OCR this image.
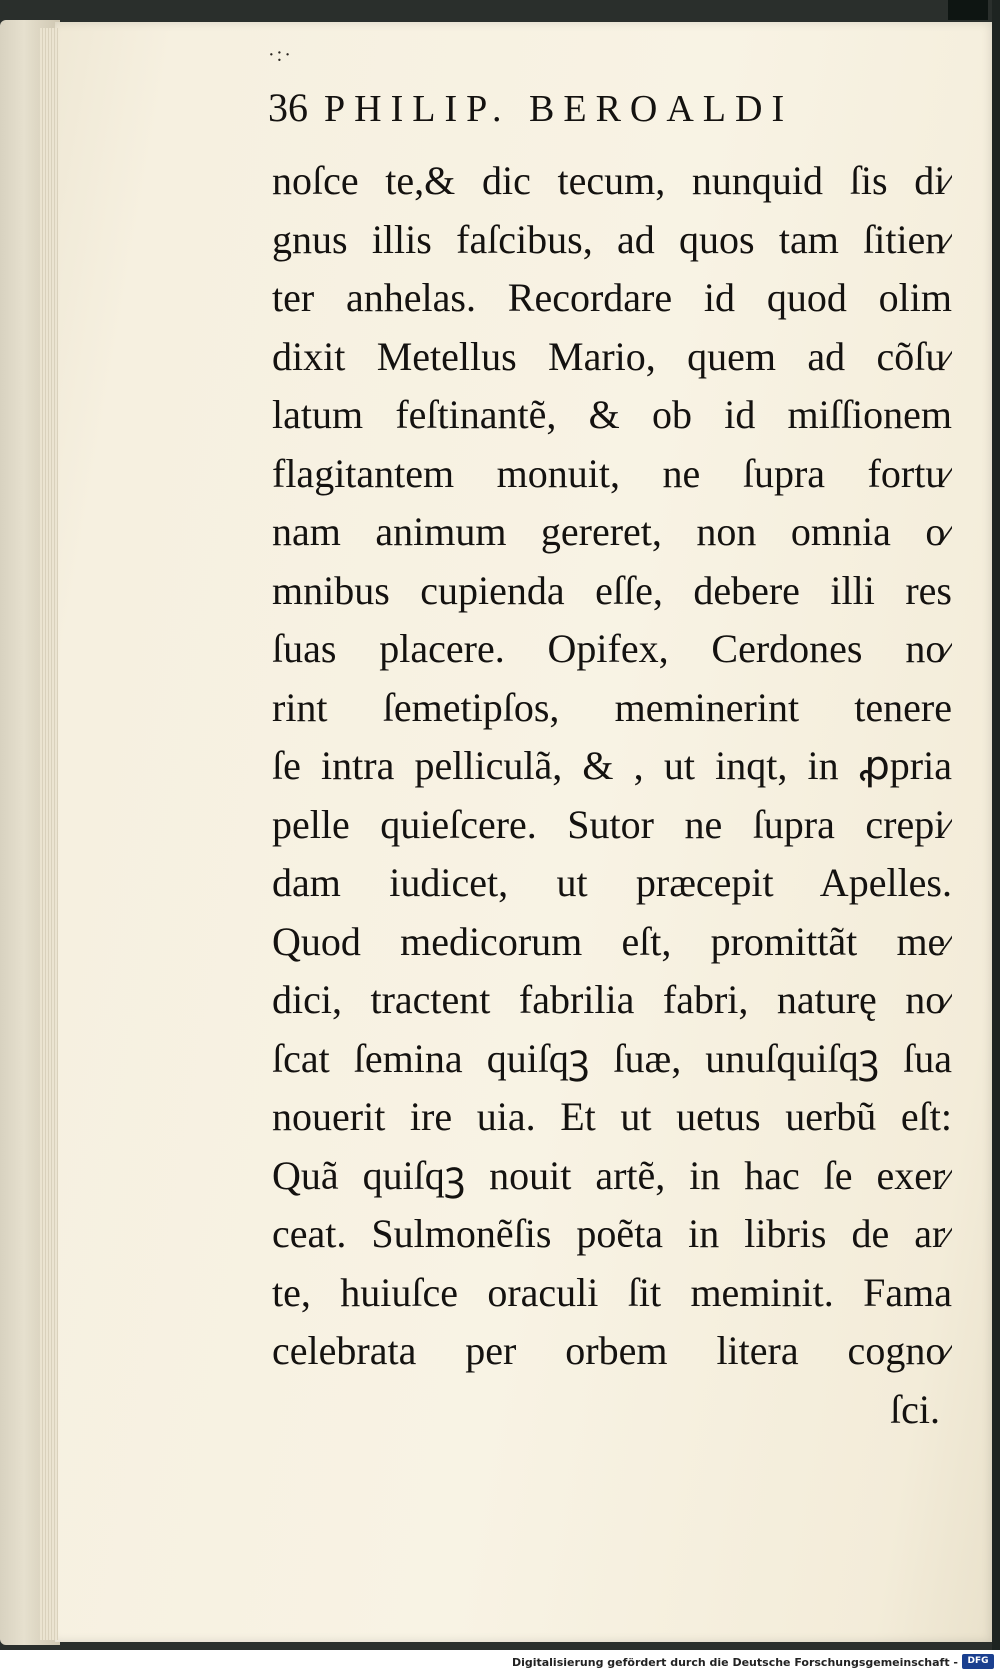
·:·
36 PHILIP. BEROALDI
noſce te,& dic tecum, nunquid ſis di⁄
gnus illis faſcibus, ad quos tam ſitien⁄
ter anhelas. Recordare id quod olim
dixit Metellus Mario, quem ad cõſu⁄
latum feſtinantẽ, & ob id miſſionem
flagitantem monuit, ne ſupra fortu⁄
nam animum gereret, non omnia o⁄
mnibus cupienda eſſe, debere illi res
ſuas placere. Opifex, Cerdones no⁄
rint ſemetipſos, meminerint tenere
ſe intra pelliculã, & , ut inqt, in ꝓpria
pelle quieſcere. Sutor ne ſupra crepi⁄
dam iudicet, ut præcepit Apelles.
Quod medicorum eſt, promittãt me⁄
dici, tractent fabrilia fabri, naturę no⁄
ſcat ſemina quiſqꝫ ſuæ, unuſquiſqꝫ ſua
nouerit ire uia. Et ut uetus uerbũ eſt:
Quã quiſqꝫ nouit artẽ, in hac ſe exer⁄
ceat. Sulmonẽſis poẽta in libris de ar⁄
te, huiuſce oraculi ſit meminit. Fama
celebrata per orbem litera cogno⁄
ſci.
Digitalisierung gefördert durch die Deutsche Forschungsgemeinschaft -	DFG
